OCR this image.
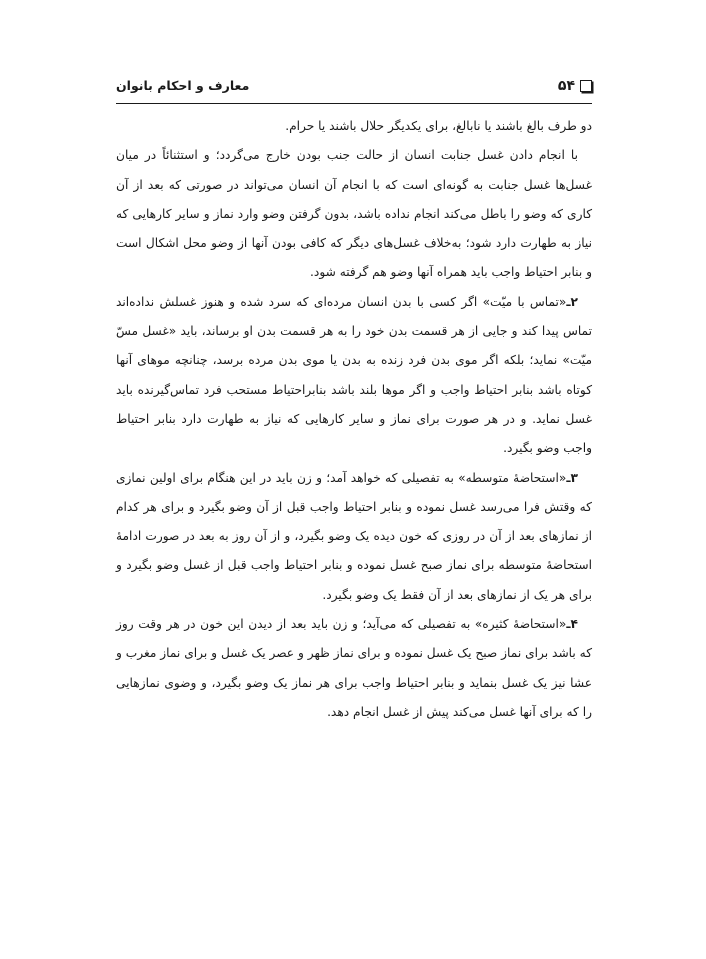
۵۴
معارف و احکام بانوان

دو طرف بالغ باشند یا نابالغ، برای یکدیگر حلال باشند یا حرام.

با انجام دادن غسل جنابت انسان از حالت جنب بودن خارج می‌گردد؛ و استثنائاً در میان غسل‌ها غسل جنابت به گونه‌ای است که با انجام آن انسان می‌تواند در صورتی که بعد از آن کاری که وضو را باطل می‌کند انجام نداده باشد، بدون گرفتن وضو وارد نماز و سایر کارهایی که نیاز به طهارت دارد شود؛ به‌خلاف غسل‌های دیگر که کافی بودن آنها از وضو محل اشکال است و بنابر احتیاط واجب باید همراه آنها وضو هم گرفته شود.

۲ـ«تماس با میّت» اگر کسی با بدن انسان مرده‌ای که سرد شده و هنوز غسلش نداده‌اند تماس پیدا کند و جایی از هر قسمت بدن خود را به هر قسمت بدن او برساند، باید «غسل مسّ میّت» نماید؛ بلکه اگر موی بدن فرد زنده به بدن یا موی بدن مرده برسد، چنانچه موهای آنها کوتاه باشد بنابر احتیاط واجب و اگر موها بلند باشد بنابراحتیاط مستحب فرد تماس‌گیرنده باید غسل نماید. و در هر صورت برای نماز و سایر کارهایی که نیاز به طهارت دارد بنابر احتیاط واجب وضو بگیرد.

۳ـ«استحاضهٔ متوسطه» به تفصیلی که خواهد آمد؛ و زن باید در این هنگام برای اولین نمازی که وقتش فرا می‌رسد غسل نموده و بنابر احتیاط واجب قبل از آن وضو بگیرد و برای هر کدام از نمازهای بعد از آن در روزی که خون دیده یک وضو بگیرد، و از آن روز به بعد در صورت ادامهٔ استحاضهٔ متوسطه برای نماز صبح غسل نموده و بنابر احتیاط واجب قبل از غسل وضو بگیرد و برای هر یک از نمازهای بعد از آن فقط یک وضو بگیرد.

۴ـ«استحاضهٔ کثیره» به تفصیلی که می‌آید؛ و زن باید بعد از دیدن این خون در هر وقت روز که باشد برای نماز صبح یک غسل نموده و برای نماز ظهر و عصر یک غسل و برای نماز مغرب و عشا نیز یک غسل بنماید و بنابر احتیاط واجب برای هر نماز یک وضو بگیرد، و وضوی نمازهایی را که برای آنها غسل می‌کند پیش از غسل انجام دهد.
